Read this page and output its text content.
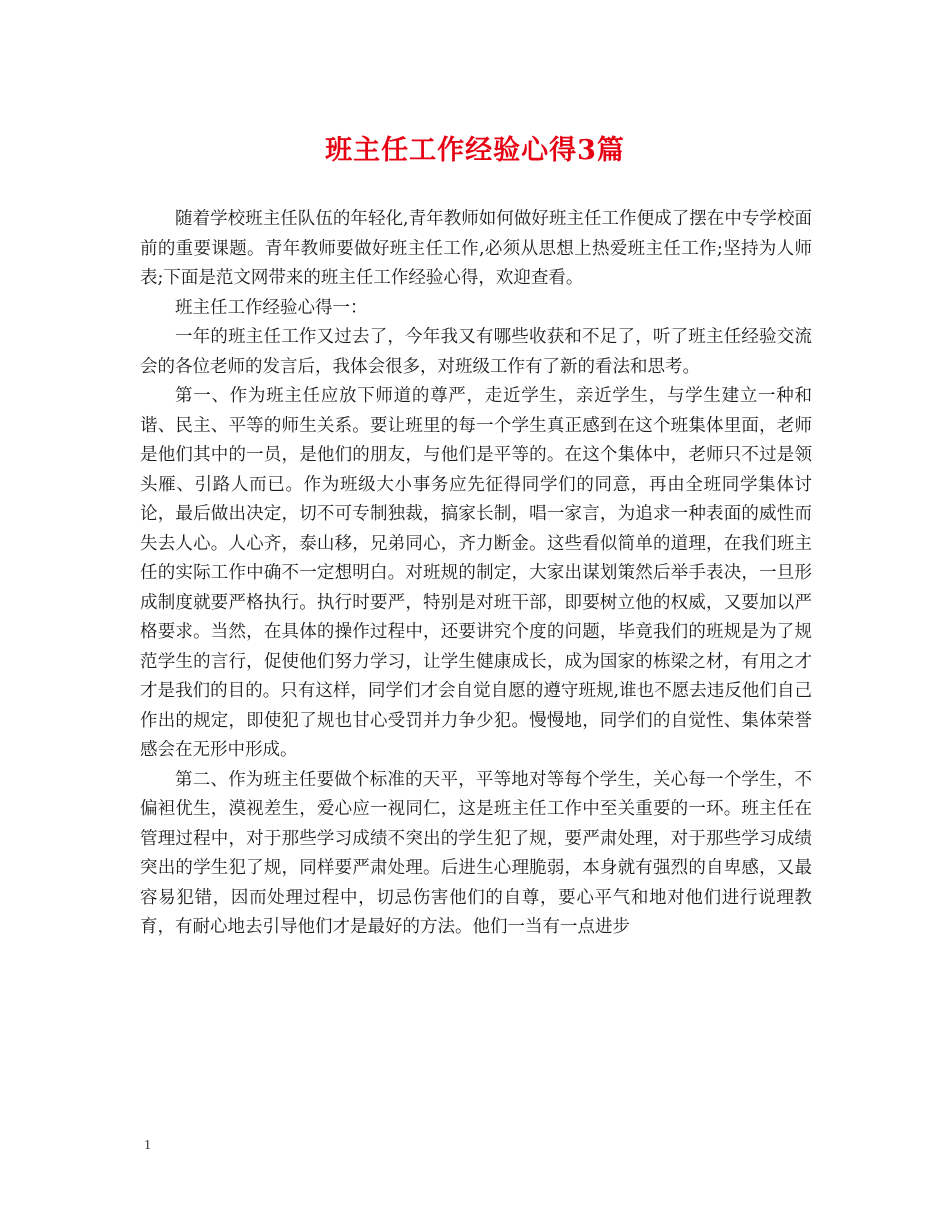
班主任工作经验心得3篇

随着学校班主任队伍的年轻化,青年教师如何做好班主任工作便成了摆在中专学校面前的重要课题。青年教师要做好班主任工作,必须从思想上热爱班主任工作;坚持为人师表;下面是范文网带来的班主任工作经验心得，欢迎查看。

班主任工作经验心得一：

一年的班主任工作又过去了，今年我又有哪些收获和不足了，听了班主任经验交流会的各位老师的发言后，我体会很多，对班级工作有了新的看法和思考。

第一、作为班主任应放下师道的尊严，走近学生，亲近学生，与学生建立一种和谐、民主、平等的师生关系。要让班里的每一个学生真正感到在这个班集体里面，老师是他们其中的一员，是他们的朋友，与他们是平等的。在这个集体中，老师只不过是领头雁、引路人而已。作为班级大小事务应先征得同学们的同意，再由全班同学集体讨论，最后做出决定，切不可专制独裁，搞家长制，唱一家言，为追求一种表面的威性而失去人心。人心齐，泰山移，兄弟同心，齐力断金。这些看似简单的道理，在我们班主任的实际工作中确不一定想明白。对班规的制定，大家出谋划策然后举手表决，一旦形成制度就要严格执行。执行时要严，特别是对班干部，即要树立他的权威，又要加以严格要求。当然，在具体的操作过程中，还要讲究个度的问题，毕竟我们的班规是为了规范学生的言行，促使他们努力学习，让学生健康成长，成为国家的栋梁之材，有用之才才是我们的目的。只有这样，同学们才会自觉自愿的遵守班规,谁也不愿去违反他们自己作出的规定，即使犯了规也甘心受罚并力争少犯。慢慢地，同学们的自觉性、集体荣誉感会在无形中形成。

第二、作为班主任要做个标准的天平，平等地对等每个学生，关心每一个学生，不偏袒优生，漠视差生，爱心应一视同仁，这是班主任工作中至关重要的一环。班主任在管理过程中，对于那些学习成绩不突出的学生犯了规，要严肃处理，对于那些学习成绩突出的学生犯了规，同样要严肃处理。后进生心理脆弱，本身就有强烈的自卑感，又最容易犯错，因而处理过程中，切忌伤害他们的自尊，要心平气和地对他们进行说理教育，有耐心地去引导他们才是最好的方法。他们一当有一点进步

1
